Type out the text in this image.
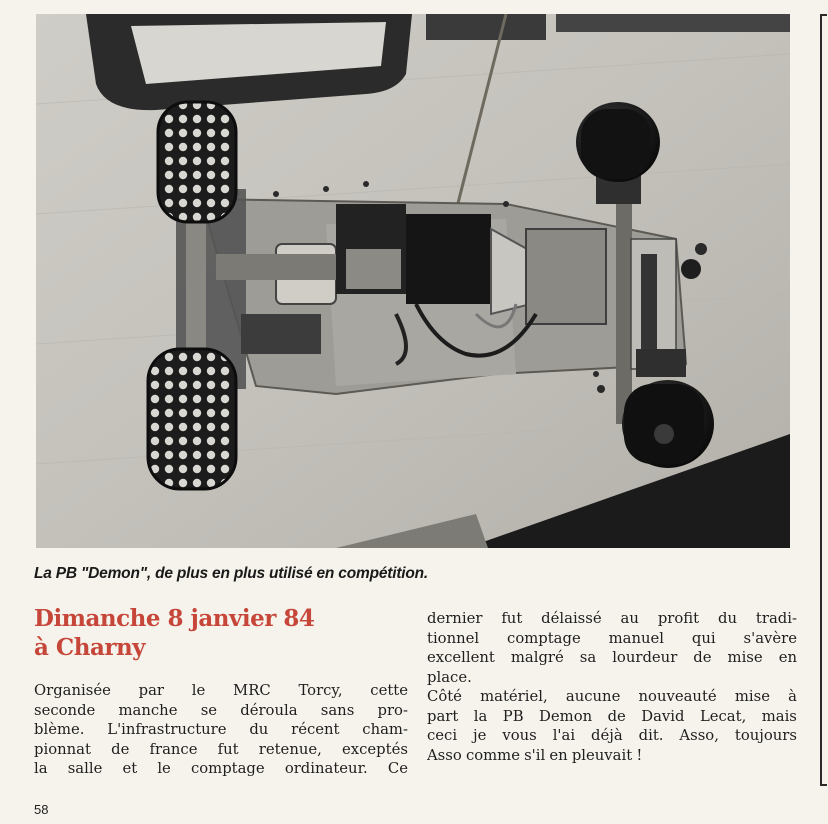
La PB "Demon", de plus en plus utilisé en compétition.
Dimanche 8 janvier 84
à Charny
Organisée par le MRC Torcy, cette
seconde manche se déroula sans pro-
blème. L'infrastructure du récent cham-
pionnat de france fut retenue, exceptés
la salle et le comptage ordinateur. Ce
dernier fut délaissé au profit du tradi-
tionnel comptage manuel qui s'avère
excellent malgré sa lourdeur de mise en
place.
Côté matériel, aucune nouveauté mise à
part la PB Demon de David Lecat, mais
ceci je vous l'ai déjà dit. Asso, toujours
Asso comme s'il en pleuvait !
58
